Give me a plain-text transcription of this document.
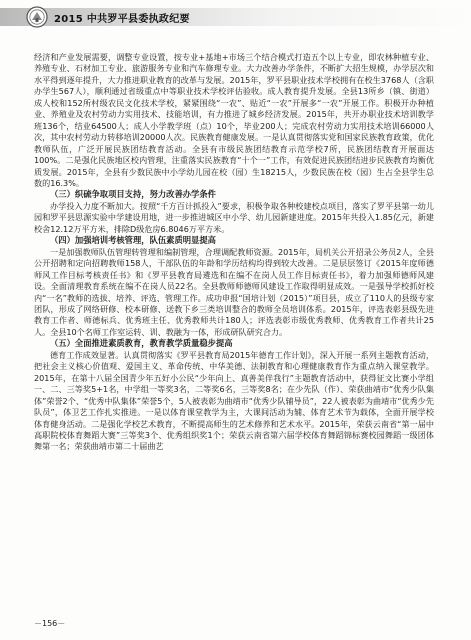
2015 中共罗平县委执政纪要

经济和产业发展需要，调整专业设置，按专业+基地+市场三个结合模式打造五个以上专业，即农林种植专业、养殖专业、石材加工专业、旅游服务专业和汽车修理专业。大力改善办学条件，不断扩大招生规模，办学层次和水平得到逐年提升，大力推进职业教育的改革与发展。2015年，罗平县职业技术学校拥有在校生3768人（含职办学生567人），顺利通过省级重点中等职业技术学校评估验收。成人教育提升发展。全县13所乡（镇、街道）成人校和152所村级农民文化技术学校，紧紧围绕“一农”、贴近“一农”开展多“一农”开展工作。积极开办种植业、养殖业及农村劳动力实用技术、技能培训，有力推进了城乡经济发展。2015年，共开办职业技术培训教学班136个，结业64500人；成人小学教学班（点）10个，毕业200人；完成农村劳动力实用技术培训66000人次，其中农村劳动力转移培训20000人次。民族教育健康发展。一是认真贯彻落实党和国家民族教育政策，优化教师队伍，广泛开展民族团结教育活动。全县有市级民族团结教育示范学校7所，民族团结教育开展面达100%。二是强化民族地区校内管理，注重落实民族教育“十个一”工作，有效促进民族团结进步民族教育均衡优质发展。2015年，全县有少数民族中小学幼儿园在校（园）生18215人，少数民族在校（园）生占全县学生总数的16.3%。

（三）织硫争取项目支持，努力改善办学条件

办学投入力度不断加大。按照“千方百计抓投入”要求，积极争取各种校建校点项目，落实了罗平县第一幼儿园和罗平县思源实验中学建设用地，进一步推进城区中小学、幼儿园新建进度。2015年共投入1.85亿元，新建校舍12.12万平方米，排除D级危房6.8046万平方米。

（四）加强培训考核管理，队伍素质明显提高

一是加强教师队伍管理转管理和编制管理，合理调配教师资源。2015年，局机关公开招录公务员2人，全县公开招聘和定向招聘教师158人，干部队伍的年龄和学历结构均得到较大改善。二是层层签订《2015年度师德师风工作目标考核责任书》和《罗平县教育局遴选和在编不在岗人员工作目标责任书》，着力加强师德师风建设。全面清理教育系统在编不在岗人员22名。全县教师师德师风建设工作取得明显成效。一是强导学校抓好校内“一名”教师的选拔、培养、评选、管理工作。成功申报“国培计划（2015）”项目县，成立了110人的县级专家团队，形成了网络研修、校本研修、送教下乡三类培训整合的教师全员培训体系。2015年，评选表彰县级先进教育工作者、师德标兵、优秀班主任、优秀教师共计180人；评选表彰市级优秀教师、优秀教育工作者共计25人。全县10个名师工作室运转、训、教融为一体，形成研队研究合力。

（五）全面推进素质教育，教育教学质量稳步提高

德育工作成效显著。认真贯彻落实《罗平县教育局2015年德育工作计划》，深入开展一系列主题教育活动，把社会主义核心价值观、爱国主义、革命传统、中华美德、法制教育和心理健康教育作为重点纳入课堂教学。2015年，在第十八届全国青少年五好小公民“少年向上、真善美伴我行”主题教育活动中，获得征文比赛小学组一、二、三等奖5+1名，中学组一等奖3名，二等奖6名，三等奖8名；在少先队（作）、荣获曲靖市“优秀少队集体”荣誉2个、“优秀中队集体”荣誉5个，5人被表彰为曲靖市“优秀少队辅导员”，22人被表彰为曲靖市“优秀少先队员”，体卫艺工作扎实推进。一是以体育课堂教学为主，大课间活动为辅、体育艺术节为载体，全面开展学校体育健身活动。二是强化学校艺术教育，不断提高师生的艺术修养和艺术水平。2015年，荣获云南省“第一届中高职院校体育舞蹈大赛”三等奖3个、优秀组织奖1个；荣获云南省第六届学校体育舞蹈锦标赛校园舞蹈一级团体舞第一名；荣获曲靖市第二十届曲艺

－156－
